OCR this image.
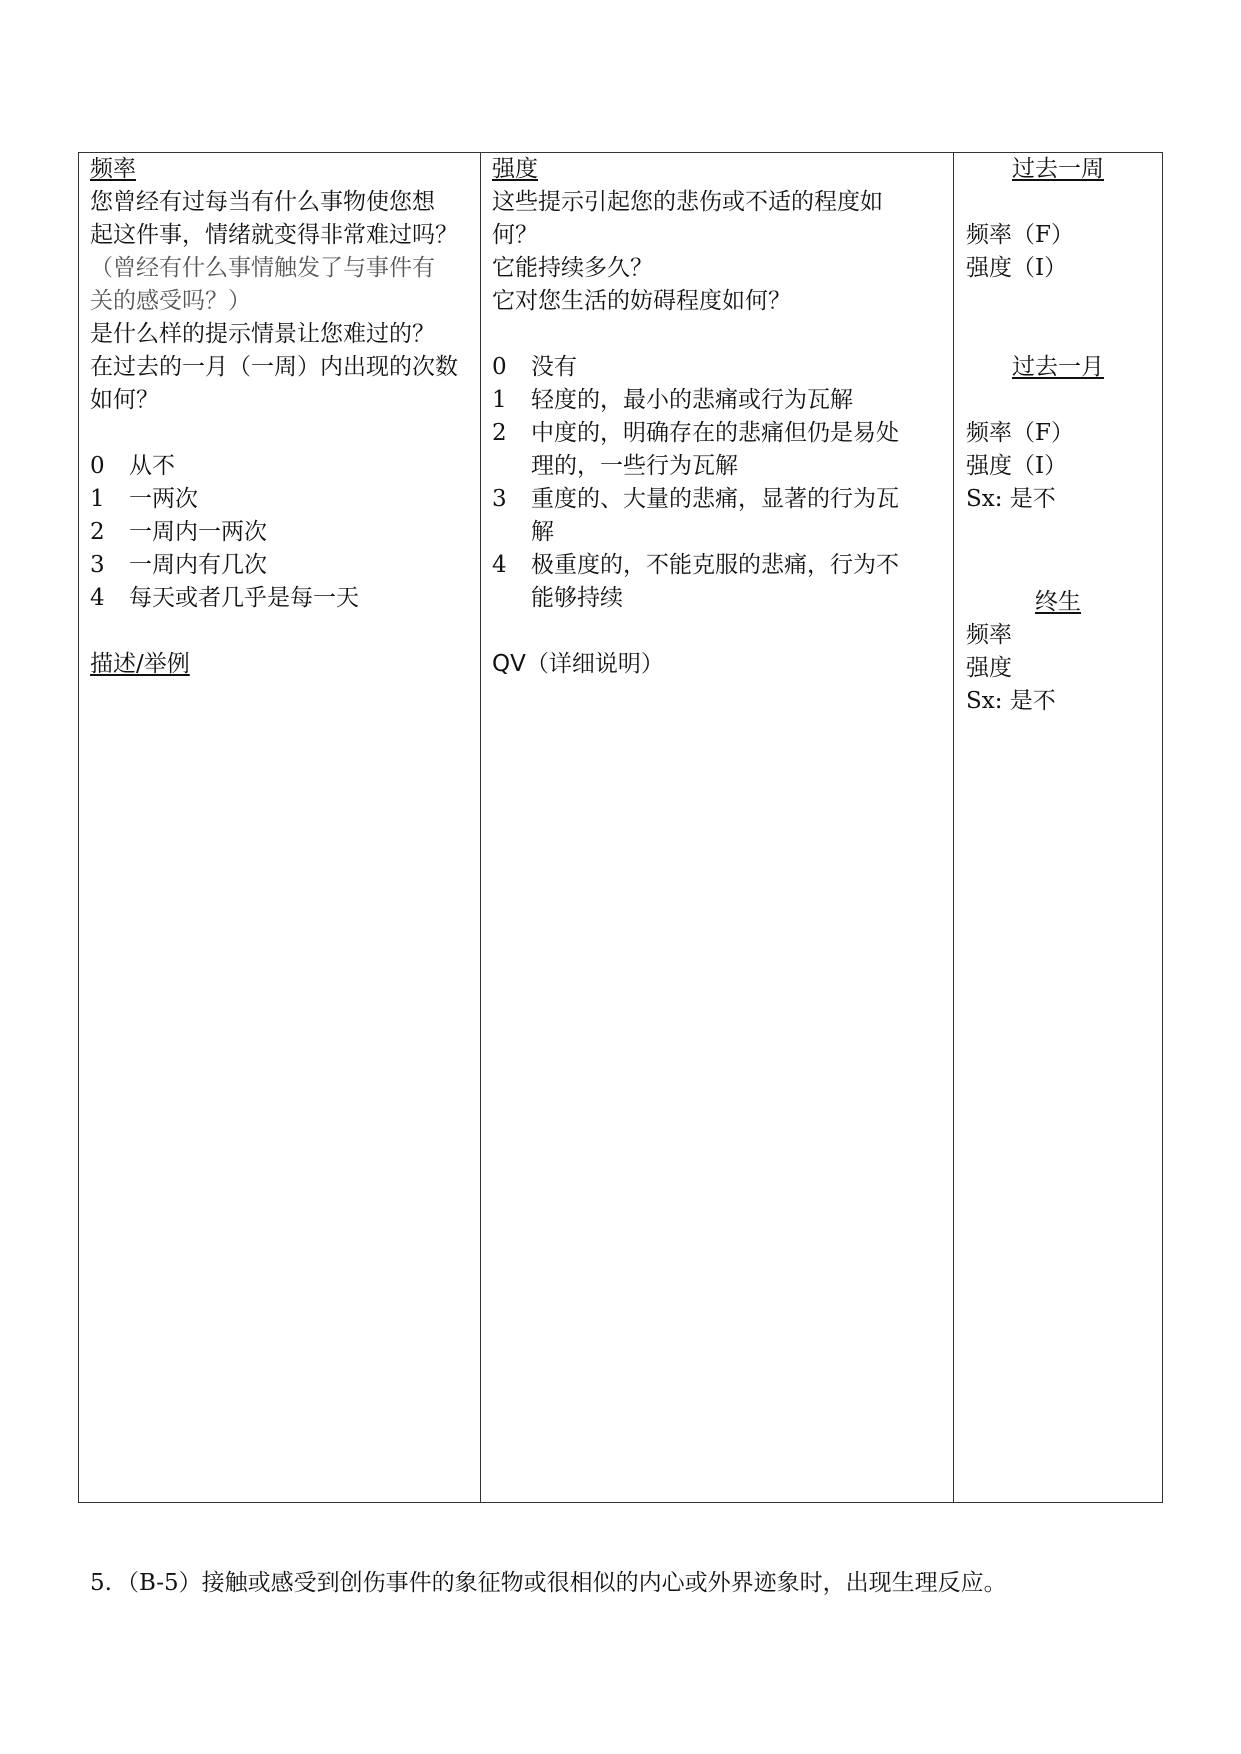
频率
您曾经有过每当有什么事物使您想
起这件事，情绪就变得非常难过吗？
（曾经有什么事情触发了与事件有
关的感受吗？）
是什么样的提示情景让您难过的？
在过去的一月（一周）内出现的次数
如何？
0	从不
1	一两次
2	一周内一两次
3	一周内有几次
4	每天或者几乎是每一天
描述/举例
强度
这些提示引起您的悲伤或不适的程度如
何？
它能持续多久？
它对您生活的妨碍程度如何？
0	没有
1	轻度的，最小的悲痛或行为瓦解
2	中度的，明确存在的悲痛但仍是易处
理的，一些行为瓦解
3	重度的、大量的悲痛，显著的行为瓦
解
4	极重度的，不能克服的悲痛，行为不
能够持续
QV（详细说明）
过去一周
频率（F）
强度（I）
过去一月
频率（F）
强度（I）
Sx: 是不
终生
频率
强度
Sx: 是不
5. （B-5）接触或感受到创伤事件的象征物或很相似的内心或外界迹象时，出现生理反应。
